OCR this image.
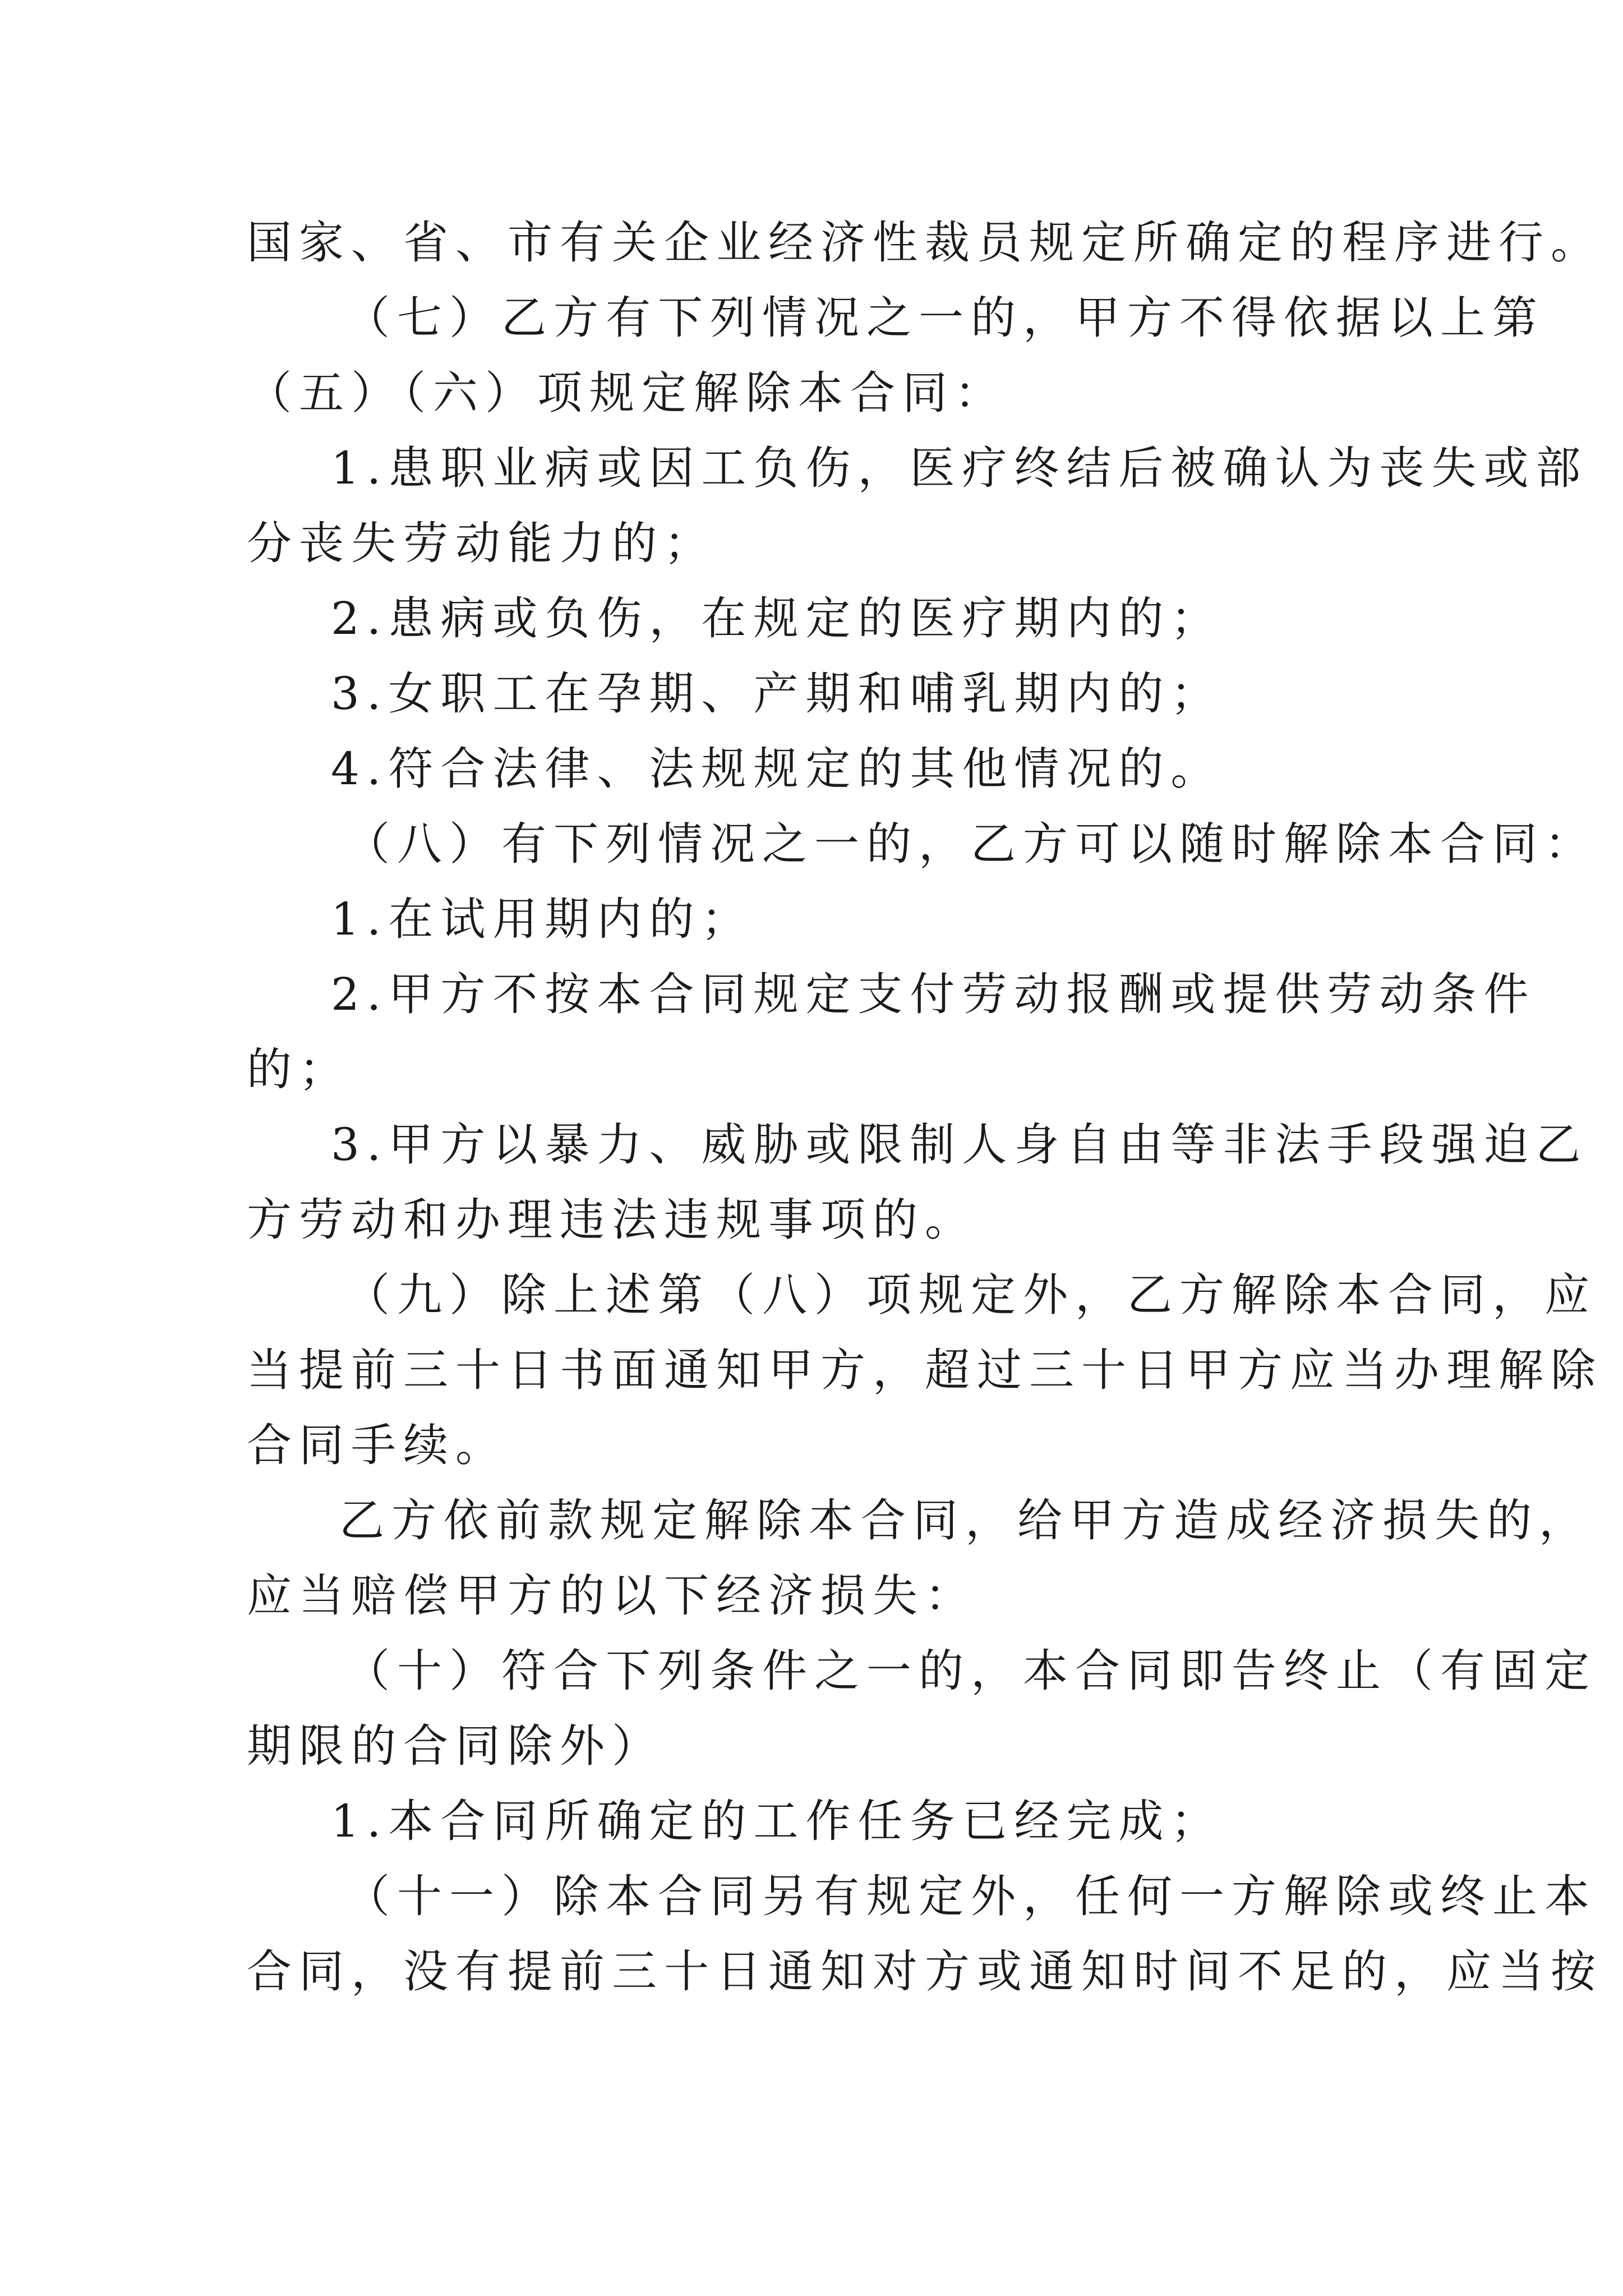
国家、省、市有关企业经济性裁员规定所确定的程序进行。
（七）乙方有下列情况之一的，甲方不得依据以上第
（五）（六）项规定解除本合同：
1.患职业病或因工负伤，医疗终结后被确认为丧失或部
分丧失劳动能力的；
2.患病或负伤，在规定的医疗期内的；
3.女职工在孕期、产期和哺乳期内的；
4.符合法律、法规规定的其他情况的。
（八）有下列情况之一的，乙方可以随时解除本合同：
1.在试用期内的；
2.甲方不按本合同规定支付劳动报酬或提供劳动条件
的；
3.甲方以暴力、威胁或限制人身自由等非法手段强迫乙
方劳动和办理违法违规事项的。
（九）除上述第（八）项规定外，乙方解除本合同，应
当提前三十日书面通知甲方，超过三十日甲方应当办理解除
合同手续。
乙方依前款规定解除本合同，给甲方造成经济损失的，
应当赔偿甲方的以下经济损失：
（十）符合下列条件之一的，本合同即告终止（有固定
期限的合同除外）
1.本合同所确定的工作任务已经完成；
（十一）除本合同另有规定外，任何一方解除或终止本
合同，没有提前三十日通知对方或通知时间不足的，应当按
